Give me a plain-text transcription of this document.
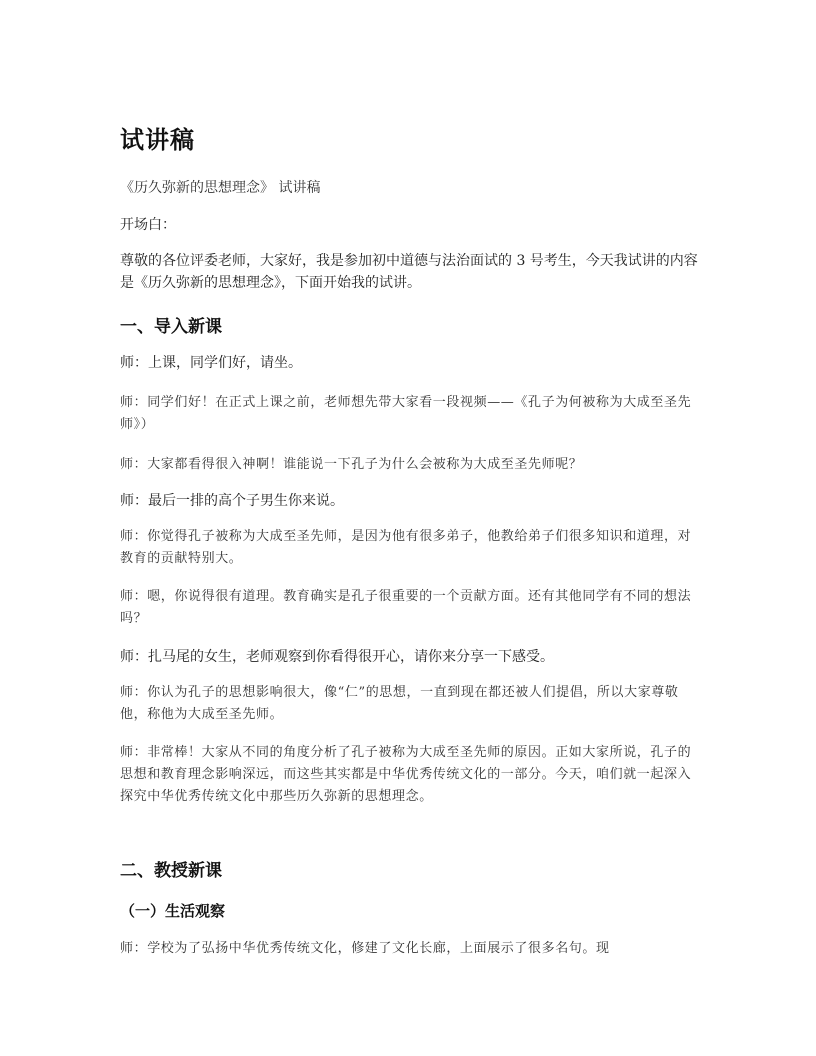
试讲稿
《历久弥新的思想理念》 试讲稿

开场白：

尊敬的各位评委老师，大家好，我是参加初中道德与法治面试的 3 号考生，今天我试讲的内容是《历久弥新的思想理念》，下面开始我的试讲。

一、导入新课

师：上课，同学们好，请坐。

师：同学们好！在正式上课之前，老师想先带大家看一段视频——《孔子为何被称为大成至圣先师》）

师：大家都看得很入神啊！谁能说一下孔子为什么会被称为大成至圣先师呢？

师：最后一排的高个子男生你来说。

师：你觉得孔子被称为大成至圣先师，是因为他有很多弟子，他教给弟子们很多知识和道理，对教育的贡献特别大。

师：嗯，你说得很有道理。教育确实是孔子很重要的一个贡献方面。还有其他同学有不同的想法吗？

师：扎马尾的女生，老师观察到你看得很开心，请你来分享一下感受。

师：你认为孔子的思想影响很大，像“仁”的思想，一直到现在都还被人们提倡，所以大家尊敬他，称他为大成至圣先师。

师：非常棒！大家从不同的角度分析了孔子被称为大成至圣先师的原因。正如大家所说，孔子的思想和教育理念影响深远，而这些其实都是中华优秀传统文化的一部分。今天，咱们就一起深入探究中华优秀传统文化中那些历久弥新的思想理念。

二、教授新课
（一）生活观察

师：学校为了弘扬中华优秀传统文化，修建了文化长廊，上面展示了很多名句。现
